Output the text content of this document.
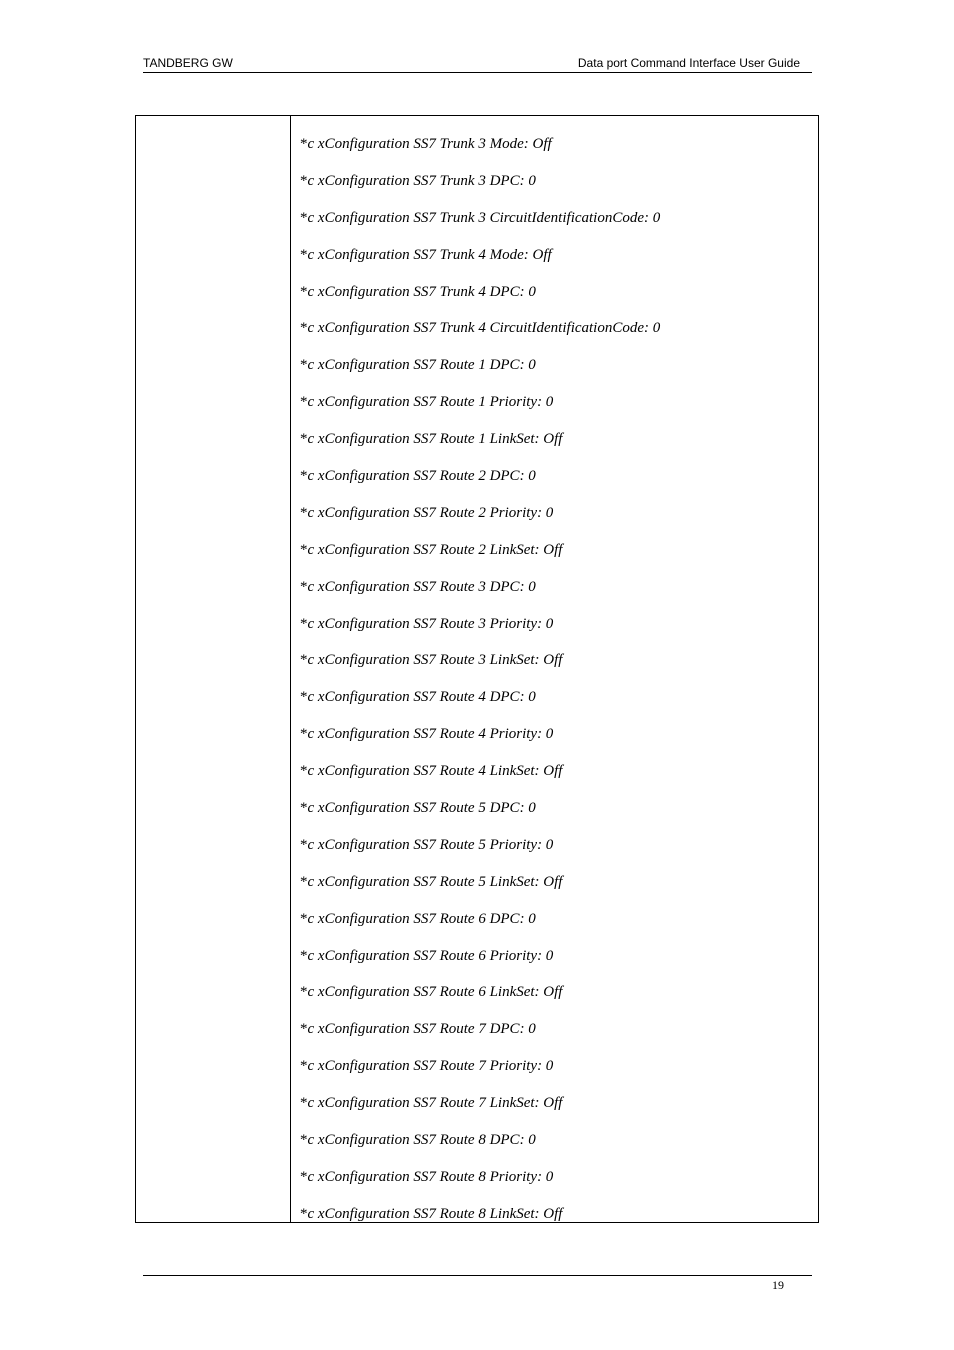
TANDBERG GW	Data port Command Interface User Guide
*c xConfiguration SS7 Trunk 3 Mode: Off
*c xConfiguration SS7 Trunk 3 DPC: 0
*c xConfiguration SS7 Trunk 3 CircuitIdentificationCode: 0
*c xConfiguration SS7 Trunk 4 Mode: Off
*c xConfiguration SS7 Trunk 4 DPC: 0
*c xConfiguration SS7 Trunk 4 CircuitIdentificationCode: 0
*c xConfiguration SS7 Route 1 DPC: 0
*c xConfiguration SS7 Route 1 Priority: 0
*c xConfiguration SS7 Route 1 LinkSet: Off
*c xConfiguration SS7 Route 2 DPC: 0
*c xConfiguration SS7 Route 2 Priority: 0
*c xConfiguration SS7 Route 2 LinkSet: Off
*c xConfiguration SS7 Route 3 DPC: 0
*c xConfiguration SS7 Route 3 Priority: 0
*c xConfiguration SS7 Route 3 LinkSet: Off
*c xConfiguration SS7 Route 4 DPC: 0
*c xConfiguration SS7 Route 4 Priority: 0
*c xConfiguration SS7 Route 4 LinkSet: Off
*c xConfiguration SS7 Route 5 DPC: 0
*c xConfiguration SS7 Route 5 Priority: 0
*c xConfiguration SS7 Route 5 LinkSet: Off
*c xConfiguration SS7 Route 6 DPC: 0
*c xConfiguration SS7 Route 6 Priority: 0
*c xConfiguration SS7 Route 6 LinkSet: Off
*c xConfiguration SS7 Route 7 DPC: 0
*c xConfiguration SS7 Route 7 Priority: 0
*c xConfiguration SS7 Route 7 LinkSet: Off
*c xConfiguration SS7 Route 8 DPC: 0
*c xConfiguration SS7 Route 8 Priority: 0
*c xConfiguration SS7 Route 8 LinkSet: Off
19
